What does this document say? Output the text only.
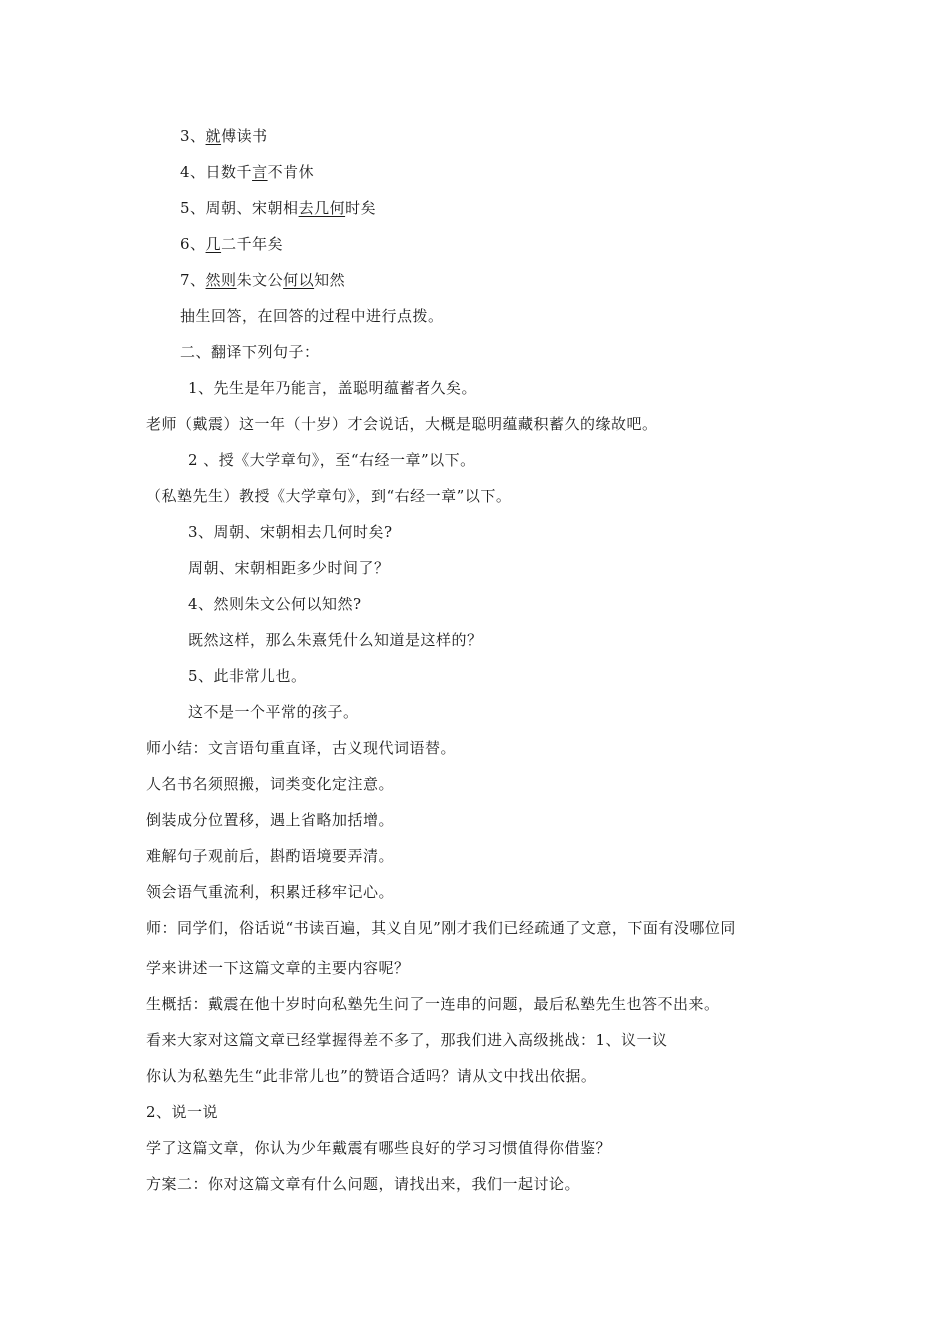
3、就傅读书
4、日数千言不肯休
5、周朝、宋朝相去几何时矣
6、几二千年矣
7、然则朱文公何以知然
抽生回答，在回答的过程中进行点拨。
二、翻译下列句子：
1、先生是年乃能言，盖聪明蕴蓄者久矣。
老师（戴震）这一年（十岁）才会说话，大概是聪明蕴藏积蓄久的缘故吧。
2 、授《大学章句》，至“右经一章”以下。
（私塾先生）教授《大学章句》，到“右经一章”以下。
3、周朝、宋朝相去几何时矣?
周朝、宋朝相距多少时间了？
4、然则朱文公何以知然?
既然这样，那么朱熹凭什么知道是这样的？
5、此非常儿也。
这不是一个平常的孩子。
师小结：文言语句重直译，古义现代词语替。
人名书名须照搬，词类变化定注意。
倒装成分位置移，遇上省略加括增。
难解句子观前后，斟酌语境要弄清。
领会语气重流利，积累迁移牢记心。
师：同学们，俗话说“书读百遍，其义自见”刚才我们已经疏通了文意，下面有没哪位同
学来讲述一下这篇文章的主要内容呢？
生概括：戴震在他十岁时向私塾先生问了一连串的问题，最后私塾先生也答不出来。
看来大家对这篇文章已经掌握得差不多了，那我们进入高级挑战：1、议一议
你认为私塾先生“此非常儿也”的赞语合适吗？请从文中找出依据。
2、说一说
学了这篇文章，你认为少年戴震有哪些良好的学习习惯值得你借鉴？
方案二：你对这篇文章有什么问题，请找出来，我们一起讨论。
